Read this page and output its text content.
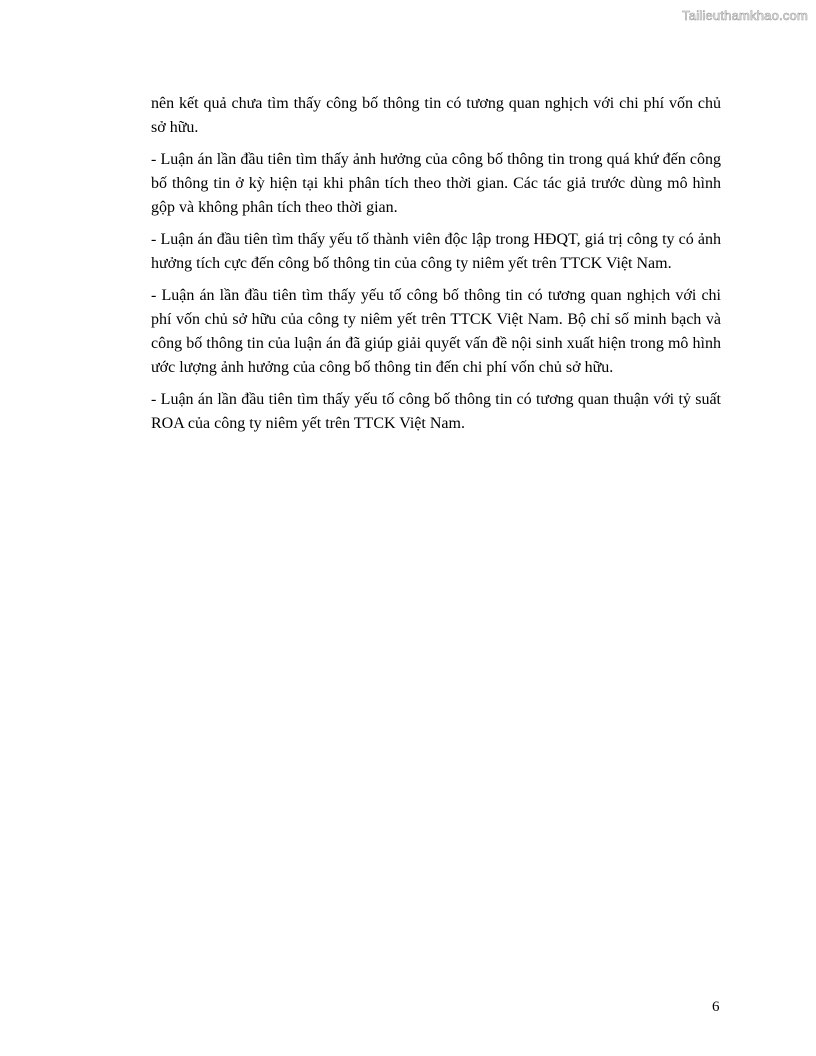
Tailieuthamkhao.com

nên kết quả chưa tìm thấy công bố thông tin có tương quan nghịch với chi phí vốn chủ sở hữu.

- Luận án lần đầu tiên tìm thấy ảnh hưởng của công bố thông tin trong quá khứ đến công bố thông tin ở kỳ hiện tại khi phân tích theo thời gian. Các tác giả trước dùng mô hình gộp và không phân tích theo thời gian.

- Luận án đầu tiên tìm thấy yếu tố thành viên độc lập trong HĐQT, giá trị công ty có ảnh hưởng tích cực đến công bố thông tin của công ty niêm yết trên TTCK Việt Nam.

- Luận án lần đầu tiên tìm thấy yếu tố công bố thông tin có tương quan nghịch với chi phí vốn chủ sở hữu của công ty niêm yết trên TTCK Việt Nam. Bộ chỉ số minh bạch và công bố thông tin của luận án đã giúp giải quyết vấn đề nội sinh xuất hiện trong mô hình ước lượng ảnh hưởng của công bố thông tin đến chi phí vốn chủ sở hữu.

- Luận án lần đầu tiên tìm thấy yếu tố công bố thông tin có tương quan thuận với tỷ suất ROA của công ty niêm yết trên TTCK Việt Nam.

6
